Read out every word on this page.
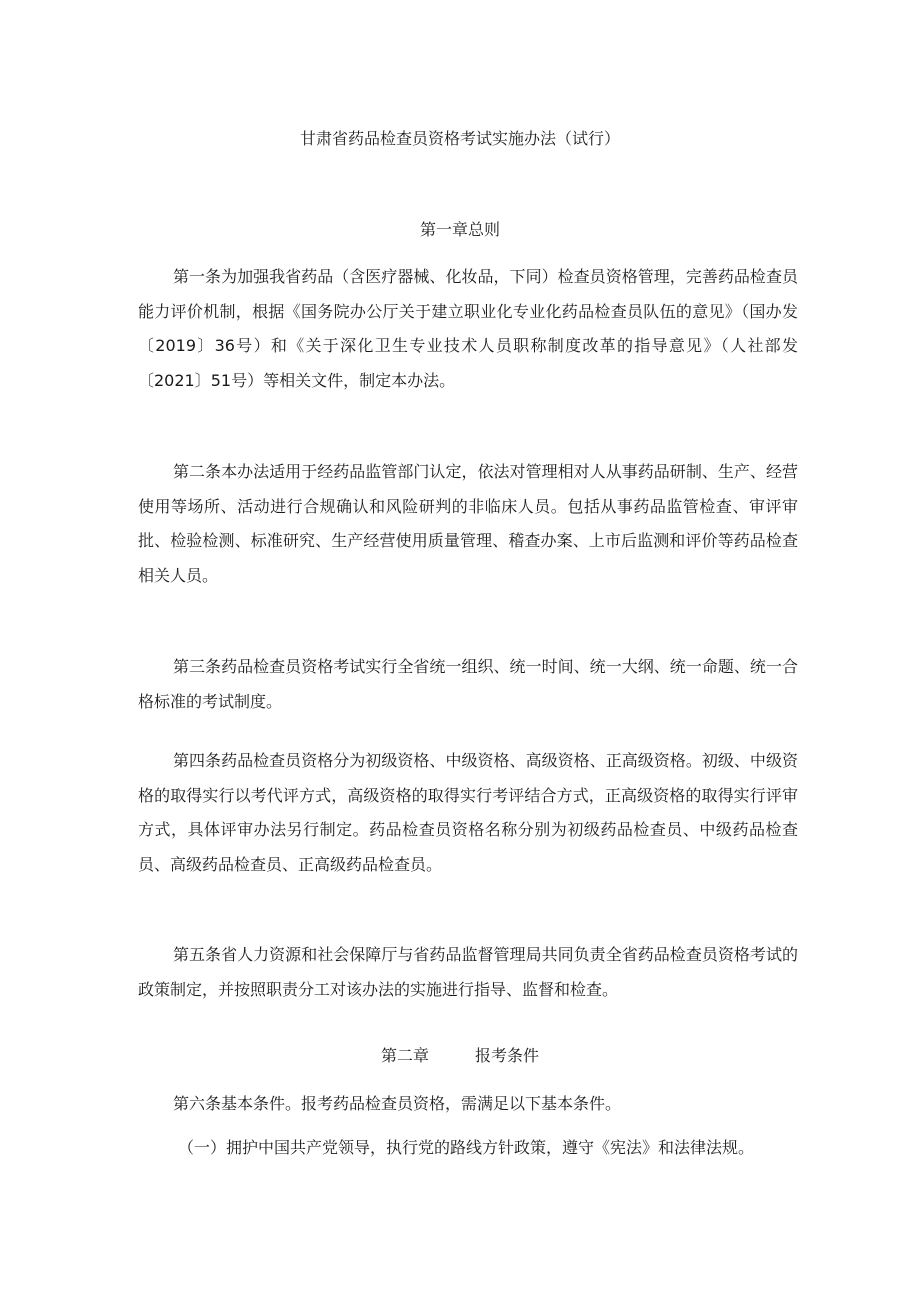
甘肃省药品检查员资格考试实施办法（试行）
第一章总则
第一条为加强我省药品（含医疗器械、化妆品，下同）检查员资格管理，完善药品检查员能力评价机制，根据《国务院办公厅关于建立职业化专业化药品检查员队伍的意见》（国办发〔2019〕36号）和《关于深化卫生专业技术人员职称制度改革的指导意见》（人社部发〔2021〕51号）等相关文件，制定本办法。
第二条本办法适用于经药品监管部门认定，依法对管理相对人从事药品研制、生产、经营使用等场所、活动进行合规确认和风险研判的非临床人员。包括从事药品监管检查、审评审批、检验检测、标准研究、生产经营使用质量管理、稽查办案、上市后监测和评价等药品检查相关人员。
第三条药品检查员资格考试实行全省统一组织、统一时间、统一大纲、统一命题、统一合格标准的考试制度。
第四条药品检查员资格分为初级资格、中级资格、高级资格、正高级资格。初级、中级资格的取得实行以考代评方式，高级资格的取得实行考评结合方式，正高级资格的取得实行评审方式，具体评审办法另行制定。药品检查员资格名称分别为初级药品检查员、中级药品检查员、高级药品检查员、正高级药品检查员。
第五条省人力资源和社会保障厅与省药品监督管理局共同负责全省药品检查员资格考试的政策制定，并按照职责分工对该办法的实施进行指导、监督和检查。
第二章	报考条件
第六条基本条件。报考药品检查员资格，需满足以下基本条件。
（一）拥护中国共产党领导，执行党的路线方针政策，遵守《宪法》和法律法规。
